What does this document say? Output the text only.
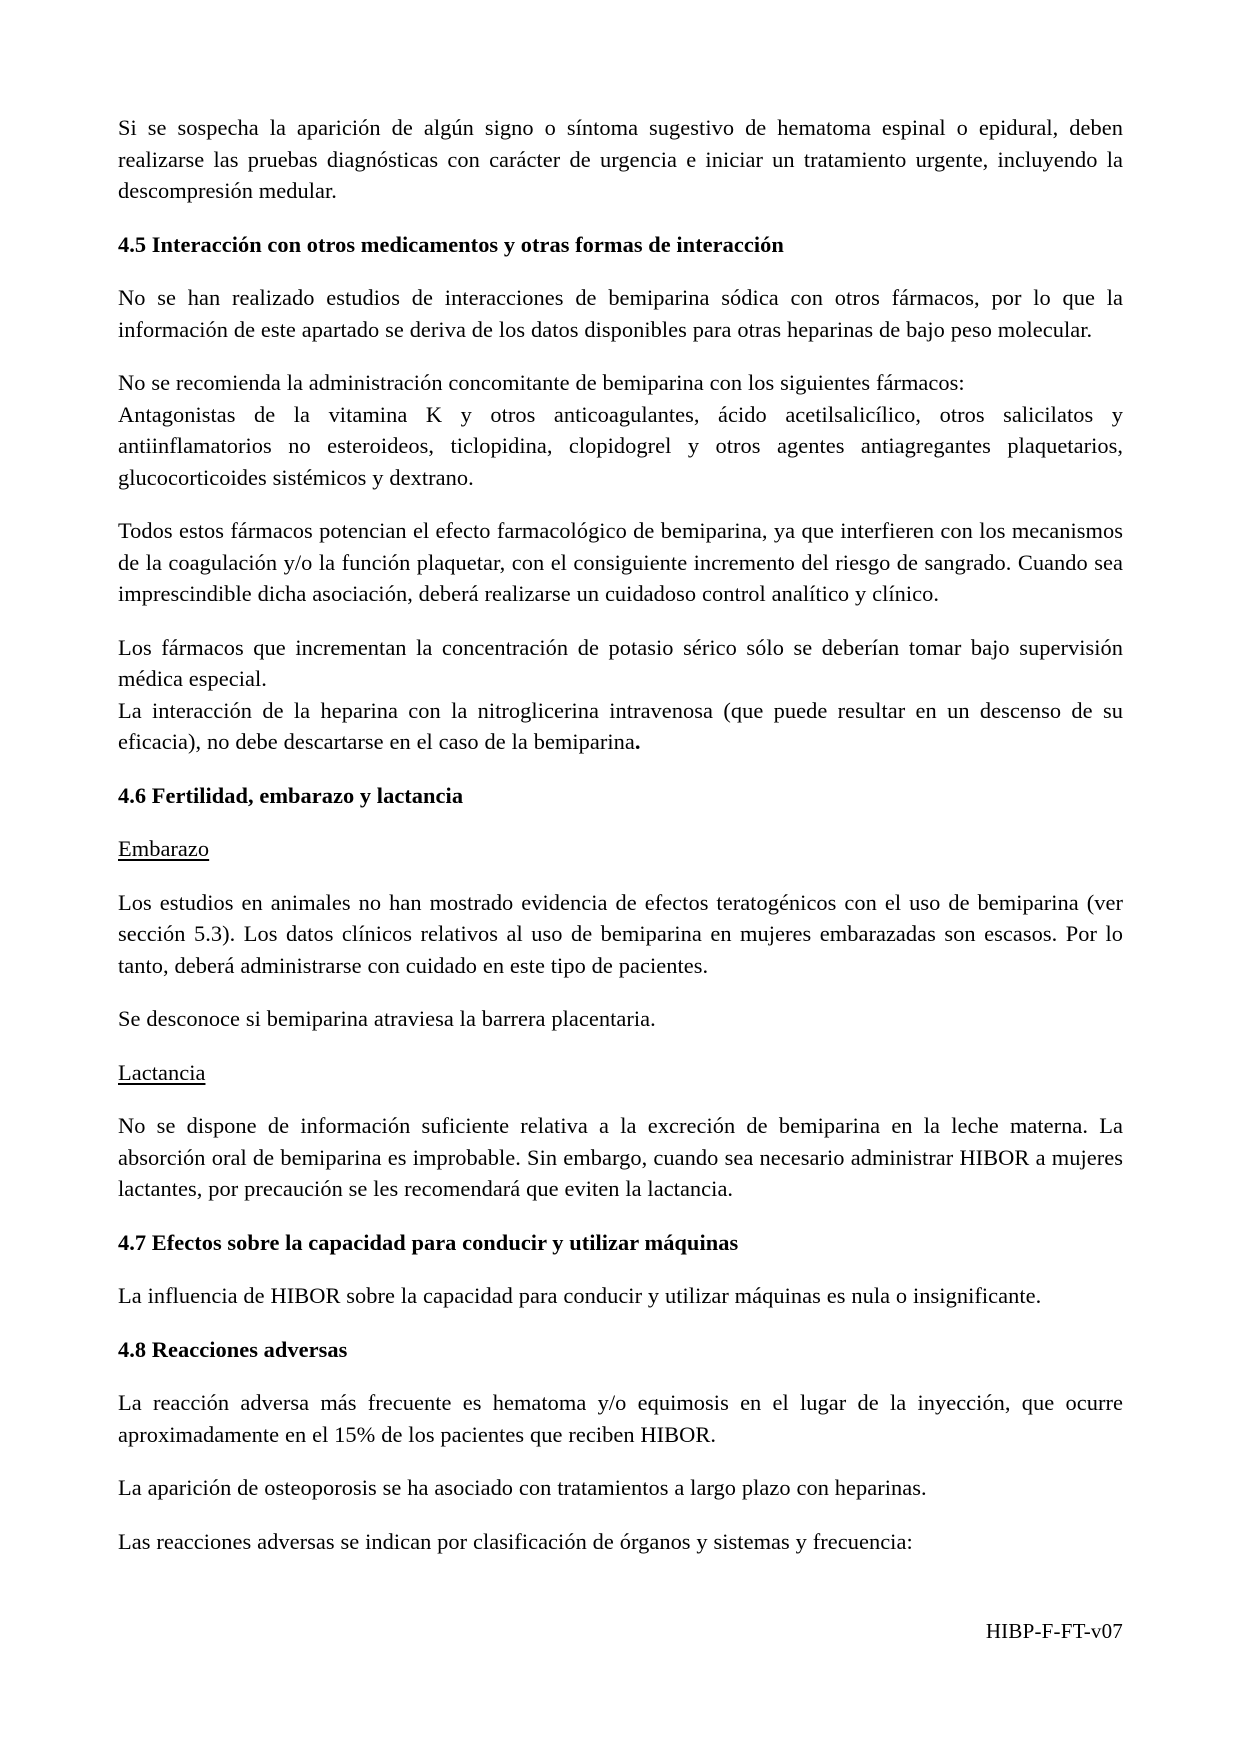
Si se sospecha la aparición de algún signo o síntoma sugestivo de hematoma espinal o epidural, deben realizarse las pruebas diagnósticas con carácter de urgencia e iniciar un tratamiento urgente, incluyendo la descompresión medular.

4.5 Interacción con otros medicamentos y otras formas de interacción

No se han realizado estudios de interacciones de bemiparina sódica con otros fármacos, por lo que la información de este apartado se deriva de los datos disponibles para otras heparinas de bajo peso molecular.

No se recomienda la administración concomitante de bemiparina con los siguientes fármacos:

Antagonistas de la vitamina K y otros anticoagulantes, ácido acetilsalicílico, otros salicilatos y antiinflamatorios no esteroideos, ticlopidina, clopidogrel y otros agentes antiagregantes plaquetarios, glucocorticoides sistémicos y dextrano.

Todos estos fármacos potencian el efecto farmacológico de bemiparina, ya que interfieren con los mecanismos de la coagulación y/o la función plaquetar, con el consiguiente incremento del riesgo de sangrado. Cuando sea imprescindible dicha asociación, deberá realizarse un cuidadoso control analítico y clínico.

Los fármacos que incrementan la concentración de potasio sérico sólo se deberían tomar bajo supervisión médica especial.

La interacción de la heparina con la nitroglicerina intravenosa (que puede resultar en un descenso de su eficacia), no debe descartarse en el caso de la bemiparina.

4.6 Fertilidad, embarazo y lactancia
Embarazo

Los estudios en animales no han mostrado evidencia de efectos teratogénicos con el uso de bemiparina (ver sección 5.3). Los datos clínicos relativos al uso de bemiparina en mujeres embarazadas son escasos. Por lo tanto, deberá administrarse con cuidado en este tipo de pacientes.

Se desconoce si bemiparina atraviesa la barrera placentaria.

Lactancia

No se dispone de información suficiente relativa a la excreción de bemiparina en la leche materna. La absorción oral de bemiparina es improbable. Sin embargo, cuando sea necesario administrar HIBOR a mujeres lactantes, por precaución se les recomendará que eviten la lactancia.

4.7 Efectos sobre la capacidad para conducir y utilizar máquinas

La influencia de HIBOR sobre la capacidad para conducir y utilizar máquinas es nula o insignificante.

4.8 Reacciones adversas

La reacción adversa más frecuente es hematoma y/o equimosis en el lugar de la inyección, que ocurre aproximadamente en el 15% de los pacientes que reciben HIBOR.

La aparición de osteoporosis se ha asociado con tratamientos a largo plazo con heparinas.

Las reacciones adversas se indican por clasificación de órganos y sistemas y frecuencia:

HIBP-F-FT-v07
